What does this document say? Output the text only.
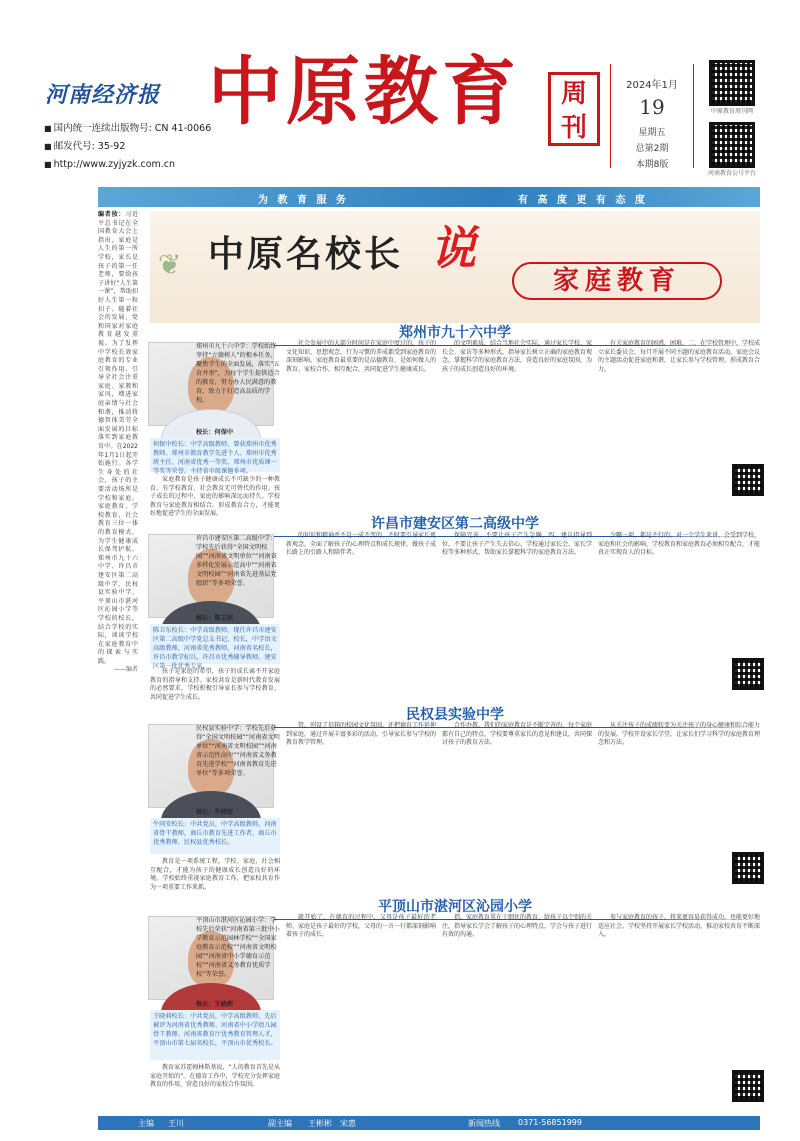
河南经济报
■ 国内统一连续出版物号: CN 41-0066
■ 邮发代号: 35-92
■ http://www.zyjyzk.com.cn
中原教育	周刊
2024年1月
19
星期五
总第2期
本期8版
中原教育周刊网
河南教育公号平台
为 教 育 服 务	有 高 度 更 有 态 度
编者按：习近平总书记在全国教育大会上指出，家庭是人生的第一所学校，家长是孩子的第一任老师，要给孩子讲好“人生第一课”，帮助扣好人生第一粒扣子。随着社会的发展，党和国家对家庭教育越发重视。为了发挥中学校长效家庭教育的专业引领作用，引导全社会注重家庭、家教和家风，增进家庭亲情与社会和谐，推动将德智体美劳全面发展的目标落实到家庭教育中。在2022年1月1日起开始施行。各学生身处的社会，孩子的主要活动场所是学校和家庭。家庭教育、学校教育、社会教育三位一体的教育模式，为学生健康成长保驾护航。郑州市九十六中学、许昌市建安区第二高级中学、民权县实验中学、平顶山市湛河区沁园小学等学校的校长，结合学校的实际，谈谈学校在家庭教育中的探索与实践。
——编者
❦ 中原名校长 说
家庭教育
郑州市九十六中学
郑州市九十六中学：学校始终坚持“立德树人”的根本任务，聚焦学生的全面发展，落实“五育并举”，为每个学生提供适合的教育，努力办人民满意的教育，致力于打造高品质的学校。
校长：何保中
何保中校长：中学高级教师，曾获郑州市优秀教师、郑州市教育教学先进个人、郑州市优秀班主任、河南省优秀一等奖、郑州市优质课一等奖等荣誉。主持省市级课题多项。

家庭教育是孩子健康成长不可缺少的一种教育，有学校教育、社会教育无可替代的作用。孩子成长的过程中，家庭的影响深远而持久。学校教育与家庭教育相结合，形成教育合力，才能更好地促进学生的全面发展。

社会发展中的大部分时间是在家庭中度过的，孩子的文化知识、思想观念、行为习惯的养成都受到家庭教育的深刻影响。家庭教育最重要的是品德教育，是如何做人的教育。家校合作，相互配合，共同促进学生健康成长。

的文明素质，结合当地社会实际，通过家长学校、家长会、家访等多种形式，指导家长树立正确的家庭教育观念，掌握科学的家庭教育方法，营造良好的家庭氛围，为孩子的成长创造良好的环境。

有关家庭教育的困惑，困难。二、在学校管理中，学校成立家长委员会，每月开展不同主题的家庭教育活动，家庭会议的主题活动促进家庭和谐，让家长参与学校管理，形成教育合力。

许昌市建安区第二高级中学
许昌市建安区第二高级中学：学校先后获得“全国文明校园”“河南省文明单位”“河南省多样化发展示范高中”“河南省文明校园”“河南省先进基层党组织”等多项荣誉。
校长：陈卫东
陈卫东校长：中学高级教师，现任许昌市建安区第二高级中学党总支书记、校长，中学语文高级教师，河南省优秀教师，河南省名校长，许昌市教学标兵，许昌市优秀辅导教师，建安区第一批优秀专家。

孩子是家庭的希望，孩子的成长离不开家庭教育的指导和支持。家校共育是新时代教育发展的必然要求，学校积极引导家长参与学校教育，共同促进学生成长。

的知识和精神并不是一成不变的，不时要引导家长更新观念，全面了解孩子的心理特点和成长规律，做孩子成长路上的引路人和陪伴者。

保障完善，不要让孩子产生急躁，四、建议指导到位，不要让孩子产生失去信心。学校通过家长会、家长学校等多种形式，帮助家长掌握科学的家庭教育方法。

少哪一项，都是不行的。对一个学生来讲，会受到学校、家庭和社会的影响，学校教育和家庭教育必须相互配合，才能真正实现育人的目标。

民权县实验中学
民权县实验中学：学校先后获得“全国文明校园”“河南省文明单位”“河南省文明校园”“河南省示范性高中”“河南省义务教育先进学校”“河南省教育先进单位”等多项荣誉。
校长：牛同安
牛同安校长：中共党员，中学高级教师，河南省骨干教师，商丘市教育先进工作者，商丘市优秀教师，民权县优秀校长。

教育是一项系统工程，学校、家庭、社会相互配合，才能为孩子的健康成长创造良好的环境。学校始终重视家庭教育工作，把家校共育作为一项重要工作来抓。

管，创设了信箱的校园文化氛围。还把德育工作延伸到家庭，通过开展丰富多彩的活动，引导家长参与学校的教育教学管理。

合作办教。我们的家庭教育是不断完善的，每个家庭都有自己的特点，学校要尊重家长的意见和建议，共同探讨孩子的教育方法。

从关注孩子的成绩转变为关注孩子的身心健康和综合能力的发展。学校开设家长学堂，让家长们学习科学的家庭教育理念和方法。

平顶山市湛河区沁园小学
平顶山市湛河区沁园小学：学校先后荣获“河南省第三批中小学教育示范园林学校”“全国家庭教育示范校”“河南省文明校园”“河南省中小学德育示范校”“河南省义务教育优质学校”等荣誉。
校长：王晓莉
王晓莉校长：中共党员，中学高级教师，先后被评为河南省优秀教师、河南省中小学幼儿园骨干教师、河南省教育厅优秀教育管理人才，平顶山市第七届名校长，平顶山市优秀校长。

教育家苏霍姆林斯基说，“人的教育首先是从家庭开始的”。在德育工作中，学校充分发挥家庭教育的作用，营造良好的家校合作氛围。

就开始了，在德育的过程中，父母是孩子最好的老师，家庭是孩子最好的学校，父母的一言一行都深刻影响着孩子的成长。

指，家庭教育重在于细化的教育，给孩子以个别的关注，指导家长学会了解孩子的心理特点，学会与孩子进行有效的沟通。

参与家庭教育的孩子，将来更容易获得成功，也能更好地适应社会。学校坚持开展家长学校活动，推动家校共育不断深入。

主编 王川	副主编 王彬彬　宋惠	新闻热线 0371-56851999
